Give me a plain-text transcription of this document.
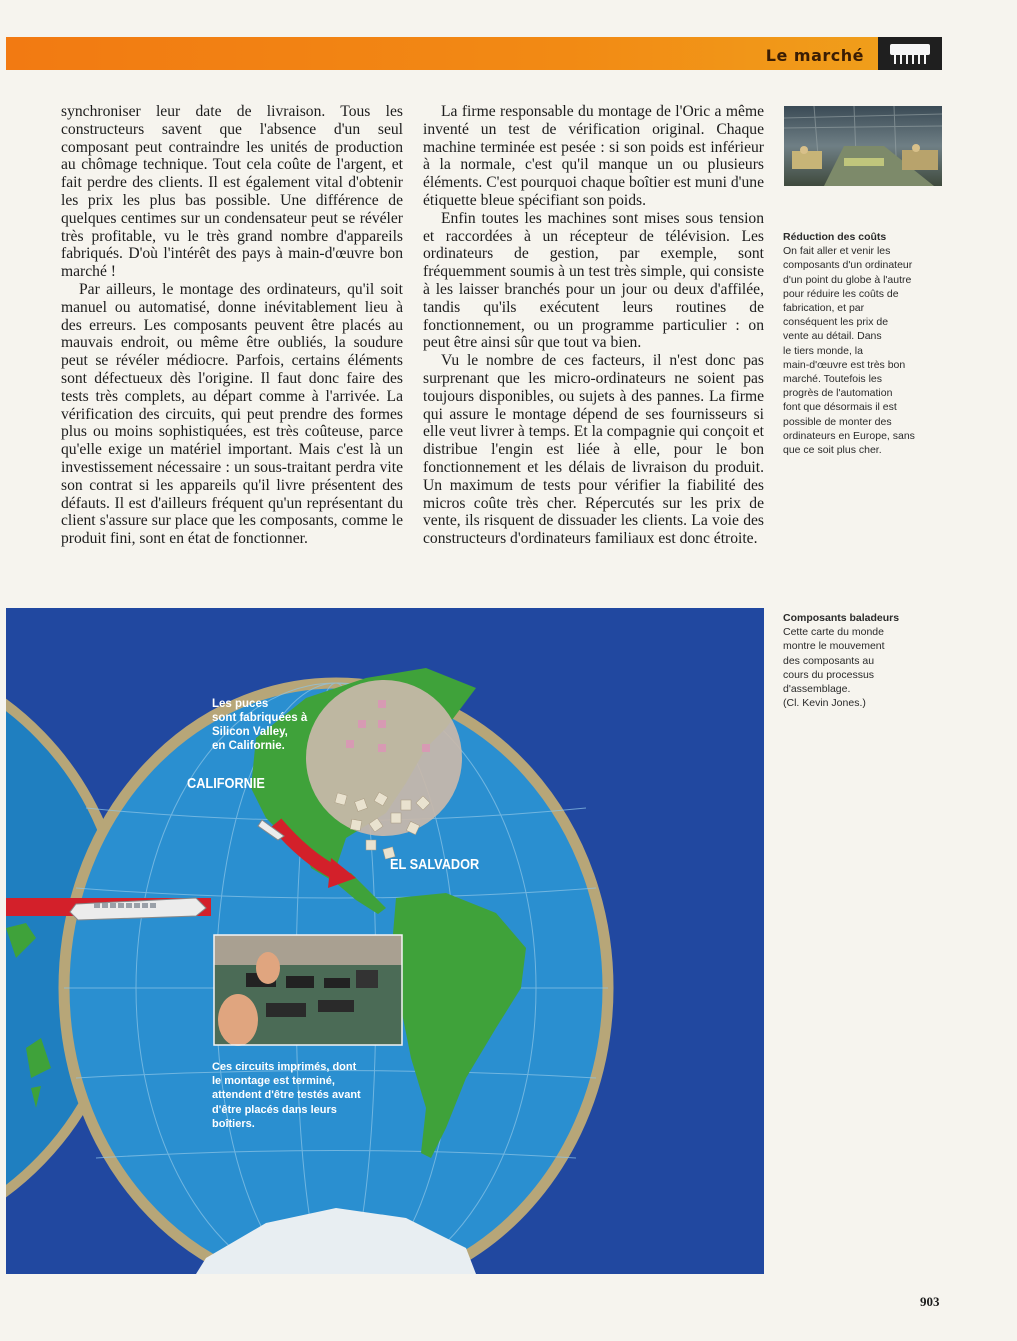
Le marché

synchroniser leur date de livraison. Tous les constructeurs savent que l'absence d'un seul composant peut contraindre les unités de production au chômage technique. Tout cela coûte de l'argent, et fait perdre des clients. Il est également vital d'obtenir les prix les plus bas possible. Une différence de quelques centimes sur un condensateur peut se révéler très profitable, vu le très grand nombre d'appareils fabriqués. D'où l'intérêt des pays à main-d'œuvre bon marché !

Par ailleurs, le montage des ordinateurs, qu'il soit manuel ou automatisé, donne inévitablement lieu à des erreurs. Les composants peuvent être placés au mauvais endroit, ou même être oubliés, la soudure peut se révéler médiocre. Parfois, certains éléments sont défectueux dès l'origine. Il faut donc faire des tests très complets, au départ comme à l'arrivée. La vérification des circuits, qui peut prendre des formes plus ou moins sophistiquées, est très coûteuse, parce qu'elle exige un matériel important. Mais c'est là un investissement nécessaire : un sous-traitant perdra vite son contrat si les appareils qu'il livre présentent des défauts. Il est d'ailleurs fréquent qu'un représentant du client s'assure sur place que les composants, comme le produit fini, sont en état de fonctionner.

La firme responsable du montage de l'Oric a même inventé un test de vérification original. Chaque machine terminée est pesée : si son poids est inférieur à la normale, c'est qu'il manque un ou plusieurs éléments. C'est pourquoi chaque boîtier est muni d'une étiquette bleue spécifiant son poids.

Enfin toutes les machines sont mises sous tension et raccordées à un récepteur de télévision. Les ordinateurs de gestion, par exemple, sont fréquemment soumis à un test très simple, qui consiste à les laisser branchés pour un jour ou deux d'affilée, tandis qu'ils exécutent leurs routines de fonctionnement, ou un programme particulier : on peut être ainsi sûr que tout va bien.

Vu le nombre de ces facteurs, il n'est donc pas surprenant que les micro-ordinateurs ne soient pas toujours disponibles, ou sujets à des pannes. La firme qui assure le montage dépend de ses fournisseurs si elle veut livrer à temps. Et la compagnie qui conçoit et distribue l'engin est liée à elle, pour le bon fonctionnement et les délais de livraison du produit. Un maximum de tests pour vérifier la fiabilité des micros coûte très cher. Répercutés sur les prix de vente, ils risquent de dissuader les clients. La voie des constructeurs d'ordinateurs familiaux est donc étroite.

Réduction des coûts
On fait aller et venir les
composants d'un ordinateur
d'un point du globe à l'autre
pour réduire les coûts de
fabrication, et par
conséquent les prix de
vente au détail. Dans
le tiers monde, la
main-d'œuvre est très bon
marché. Toutefois les
progrès de l'automation
font que désormais il est
possible de monter des
ordinateurs en Europe, sans
que ce soit plus cher.
Composants baladeurs
Cette carte du monde
montre le mouvement
des composants au
cours du processus
d'assemblage.
(Cl. Kevin Jones.)
Les puces
sont fabriquées à
Silicon Valley,
en Californie.
CALIFORNIE
EL SALVADOR
Ces circuits imprimés, dont
le montage est terminé,
attendent d'être testés avant
d'être placés dans leurs
boîtiers.
903
